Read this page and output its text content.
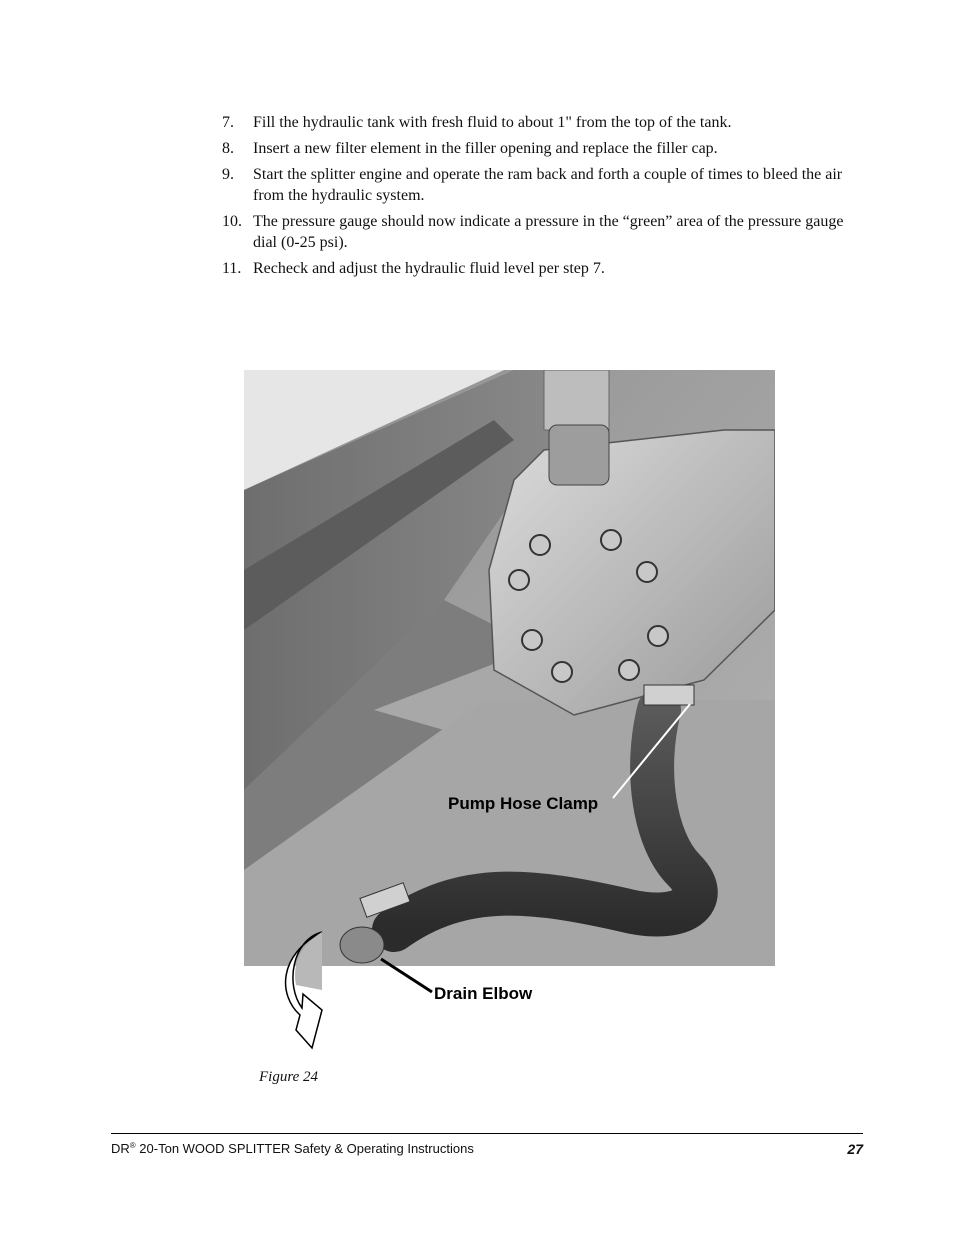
7.	Fill the hydraulic tank with fresh fluid to about 1" from the top of the tank.
8.	Insert a new filter element in the filler opening and replace the filler cap.
9.	Start the splitter engine and operate the ram back and forth a couple of times to bleed the air from the hydraulic system.
10. The pressure gauge should now indicate a pressure in the “green” area of the pressure gauge dial (0-25 psi).
11. Recheck and adjust the hydraulic fluid level per step 7.
Pump Hose Clamp
Drain Elbow
Figure 24
DR® 20-Ton WOOD SPLITTER Safety & Operating Instructions	27
